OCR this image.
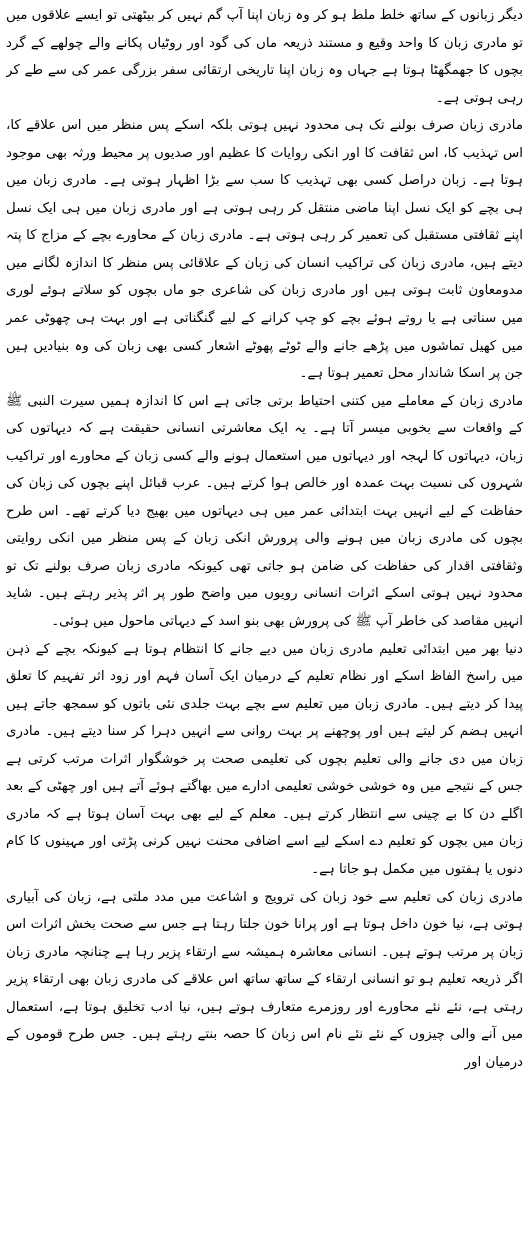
دیگر زبانوں کے ساتھ خلط ملط ہو کر وہ زبان اپنا آپ گم نہیں کر بیٹھتی تو ایسے علاقوں میں تو مادری زبان کا واحد وقیع و مستند ذریعہ ماں کی گود اور روٹیاں پکانے والے چولھے کے گرد بچوں کا جھمگھٹا ہوتا ہے جہاں وہ زبان اپنا تاریخی ارتقائی سفر بزرگی عمر کی سے طے کر رہی ہوتی ہے۔

مادری زبان صرف بولنے تک ہی محدود نہیں ہوتی بلکہ اسکے پس منظر میں اس علاقے کا، اس تہذیب کا، اس ثقافت کا اور انکی روایات کا عظیم اور صدیوں پر محیط ورثہ بھی موجود ہوتا ہے۔ زبان دراصل کسی بھی تہذیب کا سب سے بڑا اظہار ہوتی ہے۔ مادری زبان میں ہی بچے کو ایک نسل اپنا ماضی منتقل کر رہی ہوتی ہے اور مادری زبان میں ہی ایک نسل اپنے ثقافتی مستقبل کی تعمیر کر رہی ہوتی ہے۔ مادری زبان کے محاورے بچے کے مزاج کا پتہ دیتے ہیں، مادری زبان کی تراکیب انسان کی زبان کے علاقائی پس منظر کا اندازہ لگانے میں مدومعاون ثابت ہوتی ہیں اور مادری زبان کی شاعری جو ماں بچوں کو سلاتے ہوئے لوری میں سناتی ہے یا روتے ہوئے بچے کو چپ کرانے کے لیے گنگناتی ہے اور بہت ہی چھوٹی عمر میں کھیل تماشوں میں پڑھے جانے والے ٹوٹے پھوٹے اشعار کسی بھی زبان کی وہ بنیادیں ہیں جن پر اسکا شاندار محل تعمیر ہوتا ہے۔

مادری زبان کے معاملے میں کتنی احتیاط برتی جاتی ہے اس کا اندازہ ہمیں سیرت النبی ﷺ کے واقعات سے بخوبی میسر آتا ہے۔ یہ ایک معاشرتی انسانی حقیقت ہے کہ دیہاتوں کی زبان، دیہاتوں کا لہجہ اور دیہاتوں میں استعمال ہونے والے کسی زبان کے محاورے اور تراکیب شہروں کی نسبت بہت عمدہ اور خالص ہوا کرتے ہیں۔ عرب قبائل اپنے بچوں کی زبان کی حفاظت کے لیے انہیں بہت ابتدائی عمر میں ہی دیہاتوں میں بھیج دیا کرتے تھے۔ اس طرح بچوں کی مادری زبان میں ہونے والی پرورش انکی زبان کے پس منظر میں انکی روایتی وثقافتی اقدار کی حفاظت کی ضامن ہو جاتی تھی کیونکہ مادری زبان صرف بولنے تک تو محدود نہیں ہوتی اسکے اثرات انسانی رویوں میں واضح طور پر اثر پذیر رہتے ہیں۔ شاید انہیں مقاصد کی خاطر آپ ﷺ کی پرورش بھی بنو اسد کے دیہاتی ماحول میں ہوئی۔

دنیا بھر میں ابتدائی تعلیم مادری زبان میں دیے جانے کا انتظام ہوتا ہے کیونکہ بچے کے ذہن میں راسخ الفاظ اسکے اور نظام تعلیم کے درمیان ایک آسان فہم اور زود اثر تفہیم کا تعلق پیدا کر دیتے ہیں۔ مادری زبان میں تعلیم سے بچے بہت جلدی نئی باتوں کو سمجھ جاتے ہیں انہیں ہضم کر لیتے ہیں اور پوچھنے پر بہت روانی سے انہیں دہرا کر سنا دیتے ہیں۔ مادری زبان میں دی جانے والی تعلیم بچوں کی تعلیمی صحت پر خوشگوار اثرات مرتب کرتی ہے جس کے نتیجے میں وہ خوشی خوشی تعلیمی ادارے میں بھاگتے ہوئے آتے ہیں اور چھٹی کے بعد اگلے دن کا بے چینی سے انتظار کرتے ہیں۔ معلم کے لیے بھی بہت آسان ہوتا ہے کہ مادری زبان میں بچوں کو تعلیم دے اسکے لیے اسے اضافی محنت نہیں کرنی پڑتی اور مہینوں کا کام دنوں یا ہفتوں میں مکمل ہو جاتا ہے۔

مادری زبان کی تعلیم سے خود زبان کی ترویج و اشاعت میں مدد ملتی ہے، زبان کی آبیاری ہوتی ہے، نیا خون داخل ہوتا ہے اور پرانا خون جلتا رہتا ہے جس سے صحت بخش اثرات اس زبان پر مرتب ہوتے ہیں۔ انسانی معاشرہ ہمیشہ سے ارتقاء پزیر رہا ہے چنانچہ مادری زبان اگر ذریعہ تعلیم ہو تو انسانی ارتقاء کے ساتھ ساتھ اس علاقے کی مادری زبان بھی ارتقاء پزیر رہتی ہے، نئے نئے محاورے اور روزمرے متعارف ہوتے ہیں، نیا ادب تخلیق ہوتا ہے، استعمال میں آنے والی چیزوں کے نئے نئے نام اس زبان کا حصہ بنتے رہتے ہیں۔ جس طرح قوموں کے درمیان اور
